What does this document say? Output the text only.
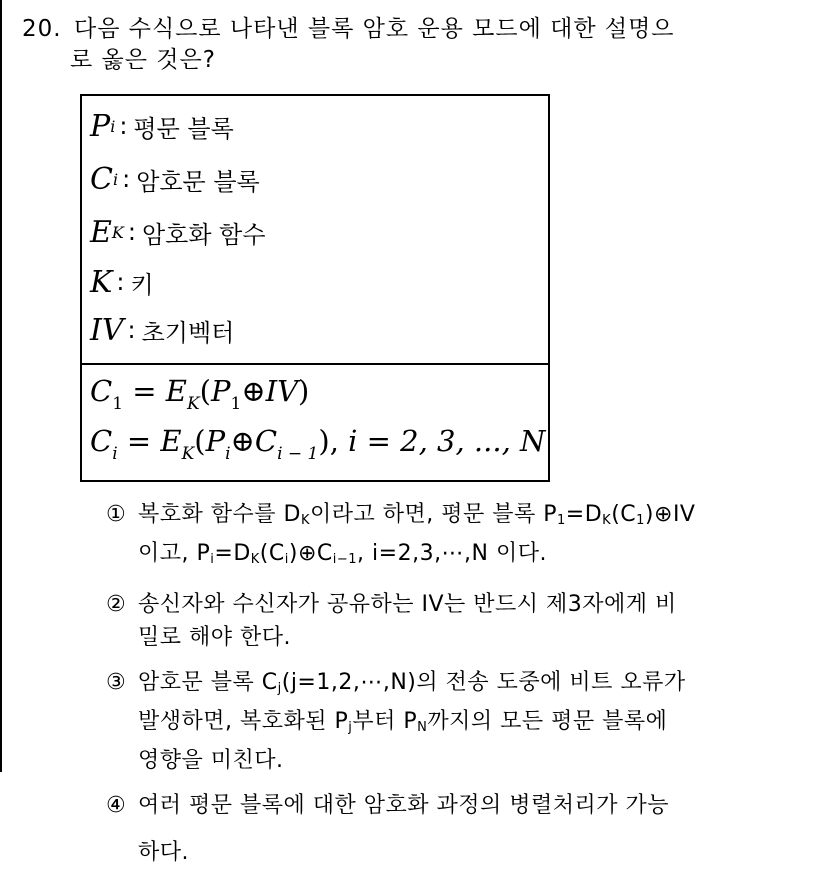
20. 다음 수식으로 나타낸 블록 암호 운용 모드에 대한 설명으
로 옳은 것은?
P i : 평문 블록
C i : 암호문 블록
E K : 암호화 함수
K : 키
IV : 초기벡터
$C_1$ = $E_K(P_1\oplus IV)$
$C_i$ = $E_K(P_i\oplus C_{i - 1})$, i = 2, 3, ..., N
① 복호화 함수를 DK이라고 하면, 평문 블록 P1=DK(C1)⊕IV
이고, Pi=DK(Ci)⊕Ci−1, i=2,3,⋯,N 이다.
② 송신자와 수신자가 공유하는 IV는 반드시 제3자에게 비
밀로 해야 한다.
③ 암호문 블록 Cj(j=1,2,⋯,N)의 전송 도중에 비트 오류가
발생하면, 복호화된 Pj부터 PN까지의 모든 평문 블록에
영향을 미친다.
④ 여러 평문 블록에 대한 암호화 과정의 병렬처리가 가능
하다.
